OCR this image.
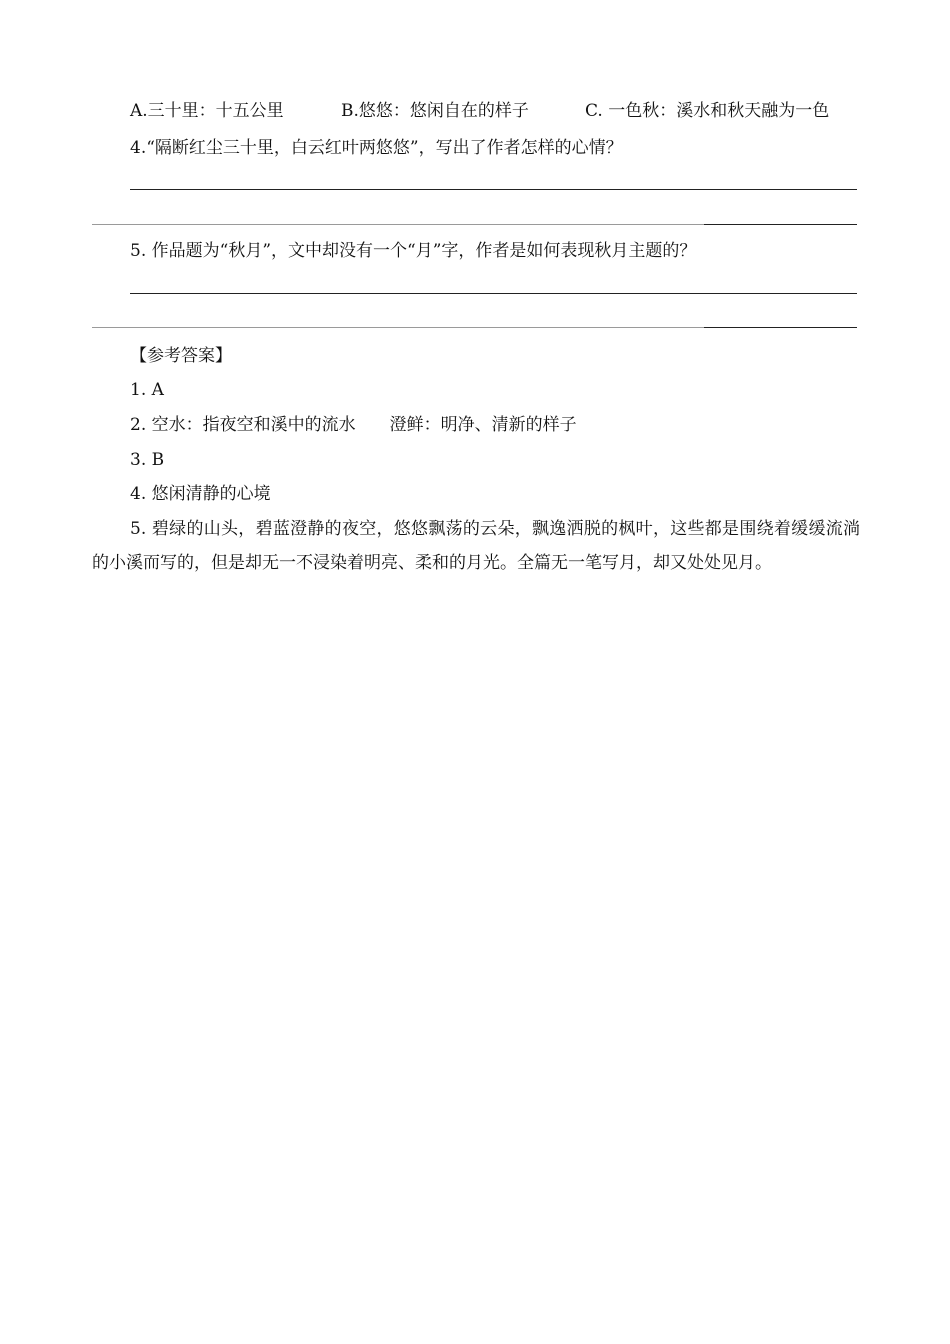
A.三十里：十五公里	B.悠悠：悠闲自在的样子	C. 一色秋：溪水和秋天融为一色
4.“隔断红尘三十里，白云红叶两悠悠”，写出了作者怎样的心情？
5. 作品题为“秋月”，文中却没有一个“月”字，作者是如何表现秋月主题的？
【参考答案】
1. A
2. 空水：指夜空和溪中的流水　　澄鲜：明净、清新的样子
3. B
4. 悠闲清静的心境
5. 碧绿的山头，碧蓝澄静的夜空，悠悠飘荡的云朵，飘逸洒脱的枫叶，这些都是围绕着缓缓流淌的小溪而写的，但是却无一不浸染着明亮、柔和的月光。全篇无一笔写月，却又处处见月。
